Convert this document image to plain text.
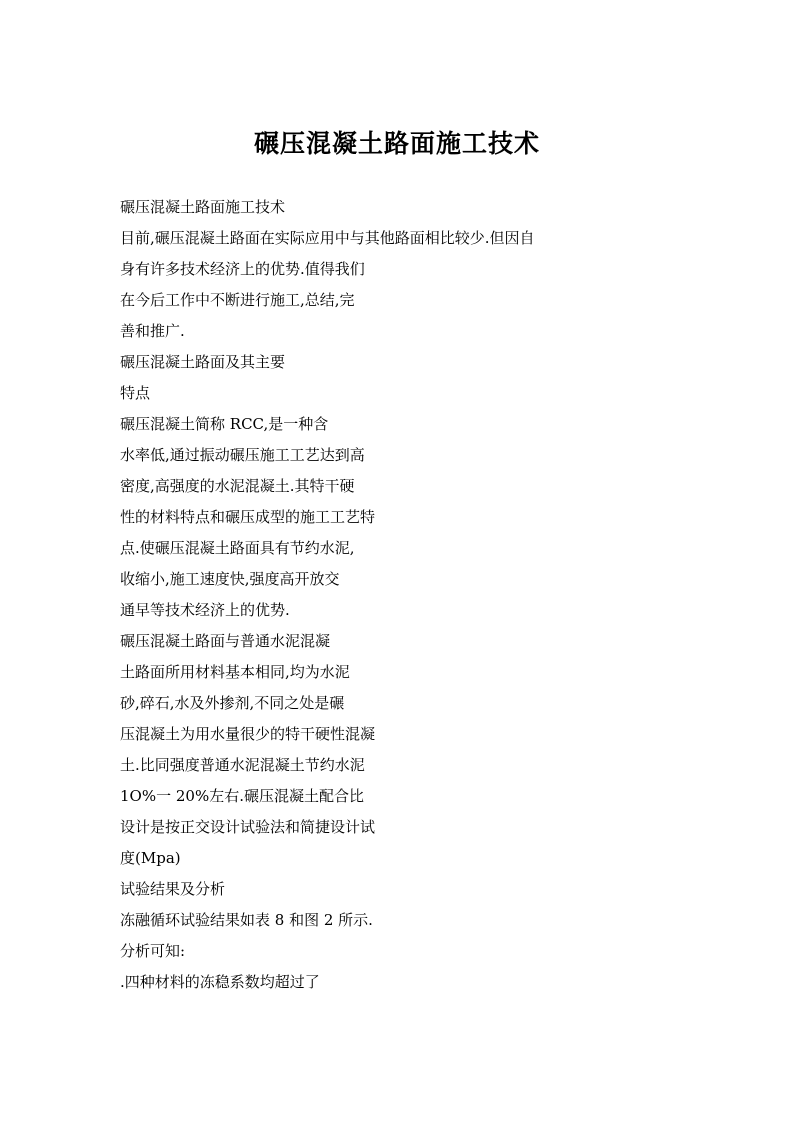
碾压混凝土路面施工技术
碾压混凝土路面施工技术
目前,碾压混凝土路面在实际应用中与其他路面相比较少.但因自
身有许多技术经济上的优势.值得我们
在今后工作中不断进行施工,总结,完
善和推广.
碾压混凝土路面及其主要
特点
碾压混凝土简称 RCC,是一种含
水率低,通过振动碾压施工工艺达到高
密度,高强度的水泥混凝土.其特干硬
性的材料特点和碾压成型的施工工艺特
点.使碾压混凝土路面具有节约水泥,
收缩小,施工速度快,强度高开放交
通早等技术经济上的优势.
碾压混凝土路面与普通水泥混凝
土路面所用材料基本相同,均为水泥
砂,碎石,水及外掺剂,不同之处是碾
压混凝土为用水量很少的特干硬性混凝
土.比同强度普通水泥混凝土节约水泥
1O%一 20%左右.碾压混凝土配合比
设计是按正交设计试验法和简捷设计试
度(Mpa)
试验结果及分析
冻融循环试验结果如表 8 和图 2 所示.
分析可知:
.四种材料的冻稳系数均超过了
